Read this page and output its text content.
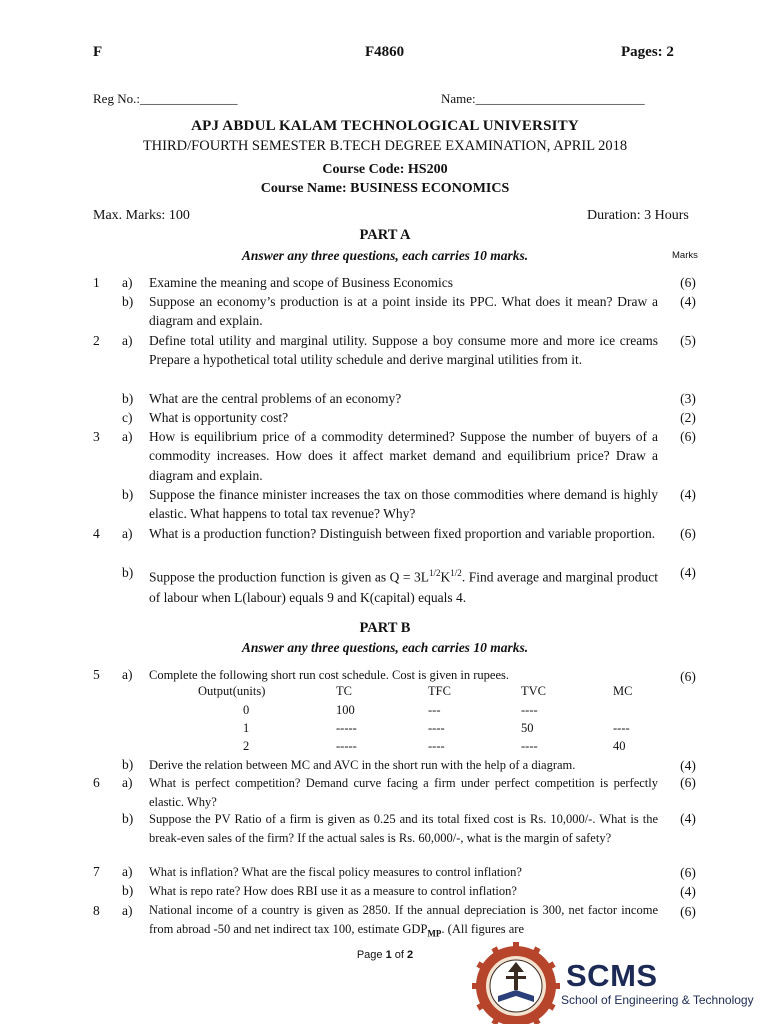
F	F4860	Pages: 2
Reg No.:_______________	Name:__________________________
APJ ABDUL KALAM TECHNOLOGICAL UNIVERSITY
THIRD/FOURTH SEMESTER B.TECH DEGREE EXAMINATION, APRIL 2018
Course Code: HS200
Course Name: BUSINESS ECONOMICS
Max. Marks: 100	Duration: 3 Hours
PART A
Answer any three questions, each carries 10 marks.	Marks
1	a)	Examine the meaning and scope of Business Economics	(6)
b)	Suppose an economy’s production is at a point inside its PPC. What does it mean? Draw a diagram and explain.
(4)
2	a)	Define total utility and marginal utility. Suppose a boy consume more and more ice creams Prepare a hypothetical total utility schedule and derive marginal utilities from it.
(5)
b)	What are the central problems of an economy?	(3)
c)	What is opportunity cost?	(2)
3	a)	How is equilibrium price of a commodity determined? Suppose the number of buyers of a commodity increases. How does it affect market demand and equilibrium price? Draw a diagram and explain.
(6)
b)	Suppose the finance minister increases the tax on those commodities where demand is highly elastic. What happens to total tax revenue? Why?
(4)
4	a)	What is a production function? Distinguish between fixed proportion and variable proportion.	(6)
b)	Suppose the production function is given as $Q = 3L^{1/2}K^{1/2}$. Find average and marginal product of labour when L(labour) equals 9 and K(capital) equals 4.
(4)
PART B
Answer any three questions, each carries 10 marks.
5	a)	Complete the following short run cost schedule. Cost is given in rupees.	(6)
Output(units)	TC	TFC	TVC	MC
0	100	---	----
1	-----	----	50	----
2	-----	----	----	40
b)	Derive the relation between MC and AVC in the short run with the help of a diagram.	(4)
6	a)	What is perfect competition? Demand curve facing a firm under perfect competition is perfectly elastic. Why?
(6)
b)	Suppose the PV Ratio of a firm is given as 0.25 and its total fixed cost is Rs. 10,000/-. What is the break-even sales of the firm? If the actual sales is Rs. 60,000/-, what is the margin of safety?
(4)
7	a)	What is inflation? What are the fiscal policy measures to control inflation?	(6)
b)	What is repo rate? How does RBI use it as a measure to control inflation?	(4)
8	a)	National income of a country is given as 2850. If the annual depreciation is 300, net factor income from abroad -50 and net indirect tax 100, estimate $GDP_{MP}$. (All figures are
(6)
Page 1 of 2
SCMS
School of Engineering & Technology
